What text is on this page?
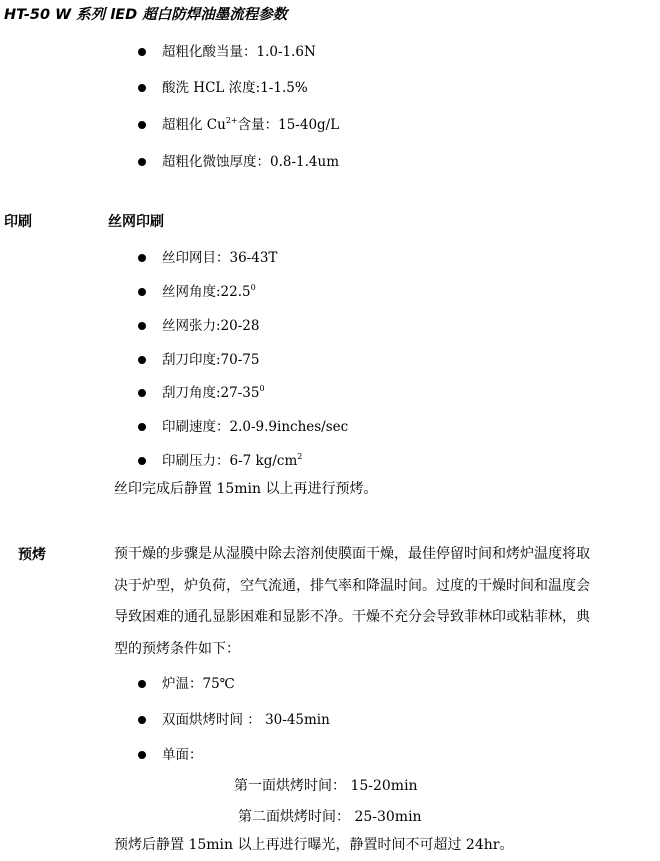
HT-50 W 系列 lED 超白防焊油墨流程参数
超粗化酸当量：1.0-1.6N
酸洗 HCL 浓度:1-1.5%
超粗化 $Cu^{2+}$含量：15-40g/L
超粗化微蚀厚度：0.8-1.4um
印刷	丝网印刷
丝印网目：36-43T
丝网角度:22.5$^0$
丝网张力:20-28
刮刀印度:70-75
刮刀角度$:27-35^0$
印刷速度：2.0-9.9inches/sec
印刷压力：6-7 $kg/cm^2$
丝印完成后静置 15min 以上再进行预烤。
预烤	预干燥的步骤是从湿膜中除去溶剂使膜面干燥，最佳停留时间和烤炉温度将取
决于炉型，炉负荷，空气流通，排气率和降温时间。过度的干燥时间和温度会
导致困难的通孔显影困难和显影不净。干燥不充分会导致菲林印或粘菲林，典
型的预烤条件如下：
炉温：75℃
双面烘烤时间 ： 30-45min
单面：
第一面烘烤时间： 15-20min
第二面烘烤时间： 25-30min
预烤后静置 15min 以上再进行曝光，静置时间不可超过 24hr。
